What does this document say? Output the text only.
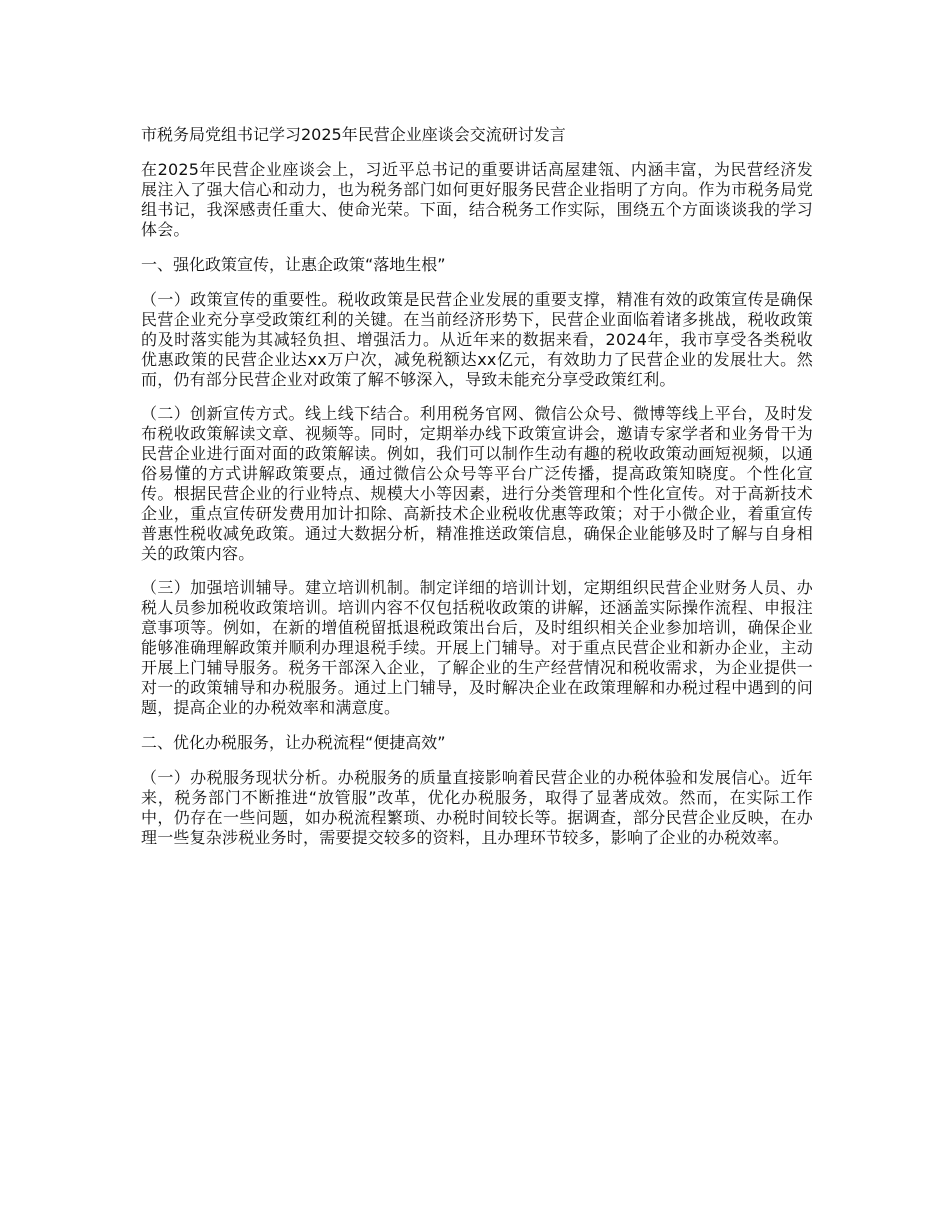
市税务局党组书记学习2025年民营企业座谈会交流研讨发言

在2025年民营企业座谈会上，习近平总书记的重要讲话高屋建瓴、内涵丰富，为民营经济发展注入了强大信心和动力，也为税务部门如何更好服务民营企业指明了方向。作为市税务局党组书记，我深感责任重大、使命光荣。下面，结合税务工作实际，围绕五个方面谈谈我的学习体会。

一、强化政策宣传，让惠企政策“落地生根”

（一）政策宣传的重要性。税收政策是民营企业发展的重要支撑，精准有效的政策宣传是确保民营企业充分享受政策红利的关键。在当前经济形势下，民营企业面临着诸多挑战，税收政策的及时落实能为其减轻负担、增强活力。从近年来的数据来看，2024年，我市享受各类税收优惠政策的民营企业达xx万户次，减免税额达xx亿元，有效助力了民营企业的发展壮大。然而，仍有部分民营企业对政策了解不够深入，导致未能充分享受政策红利。

（二）创新宣传方式。线上线下结合。利用税务官网、微信公众号、微博等线上平台，及时发布税收政策解读文章、视频等。同时，定期举办线下政策宣讲会，邀请专家学者和业务骨干为民营企业进行面对面的政策解读。例如，我们可以制作生动有趣的税收政策动画短视频，以通俗易懂的方式讲解政策要点，通过微信公众号等平台广泛传播，提高政策知晓度。个性化宣传。根据民营企业的行业特点、规模大小等因素，进行分类管理和个性化宣传。对于高新技术企业，重点宣传研发费用加计扣除、高新技术企业税收优惠等政策；对于小微企业，着重宣传普惠性税收减免政策。通过大数据分析，精准推送政策信息，确保企业能够及时了解与自身相关的政策内容。

（三）加强培训辅导。建立培训机制。制定详细的培训计划，定期组织民营企业财务人员、办税人员参加税收政策培训。培训内容不仅包括税收政策的讲解，还涵盖实际操作流程、申报注意事项等。例如，在新的增值税留抵退税政策出台后，及时组织相关企业参加培训，确保企业能够准确理解政策并顺利办理退税手续。开展上门辅导。对于重点民营企业和新办企业，主动开展上门辅导服务。税务干部深入企业，了解企业的生产经营情况和税收需求，为企业提供一对一的政策辅导和办税服务。通过上门辅导，及时解决企业在政策理解和办税过程中遇到的问题，提高企业的办税效率和满意度。

二、优化办税服务，让办税流程“便捷高效”

（一）办税服务现状分析。办税服务的质量直接影响着民营企业的办税体验和发展信心。近年来，税务部门不断推进“放管服”改革，优化办税服务，取得了显著成效。然而，在实际工作中，仍存在一些问题，如办税流程繁琐、办税时间较长等。据调查，部分民营企业反映，在办理一些复杂涉税业务时，需要提交较多的资料，且办理环节较多，影响了企业的办税效率。
